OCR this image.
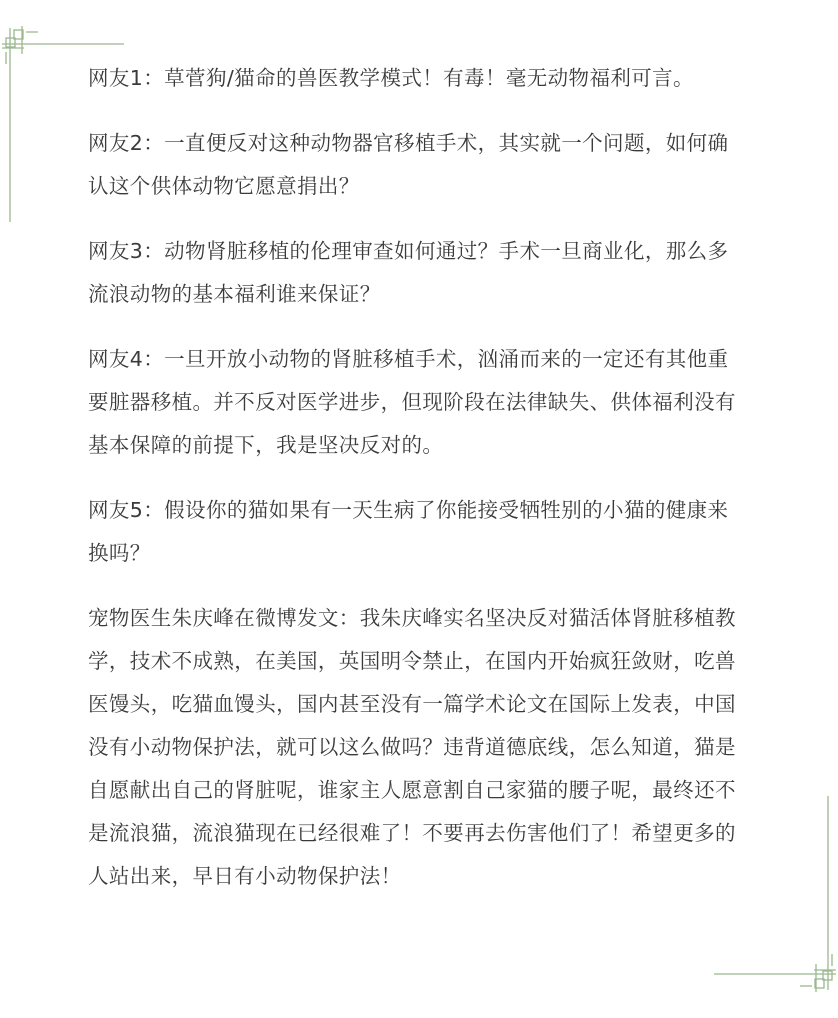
网友1：草菅狗/猫命的兽医教学模式！有毒！毫无动物福利可言。

网友2：一直便反对这种动物器官移植手术，其实就一个问题，如何确认这个供体动物它愿意捐出？

网友3：动物肾脏移植的伦理审查如何通过？手术一旦商业化，那么多流浪动物的基本福利谁来保证？

网友4：一旦开放小动物的肾脏移植手术，汹涌而来的一定还有其他重要脏器移植。并不反对医学进步，但现阶段在法律缺失、供体福利没有基本保障的前提下，我是坚决反对的。

网友5：假设你的猫如果有一天生病了你能接受牺牲别的小猫的健康来换吗？

宠物医生朱庆峰在微博发文：我朱庆峰实名坚决反对猫活体肾脏移植教学，技术不成熟，在美国，英国明令禁止，在国内开始疯狂敛财，吃兽医馒头，吃猫血馒头，国内甚至没有一篇学术论文在国际上发表，中国没有小动物保护法，就可以这么做吗？违背道德底线，怎么知道，猫是自愿献出自己的肾脏呢，谁家主人愿意割自己家猫的腰子呢，最终还不是流浪猫，流浪猫现在已经很难了！不要再去伤害他们了！希望更多的人站出来，早日有小动物保护法！
